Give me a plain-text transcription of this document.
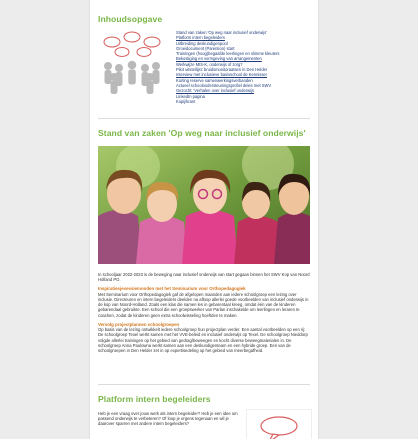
Inhoudsopgave
Stand van zaken 'Op weg naar inclusief onderwijs'
Platform intern begeleiders
Uitbreiding deskundigenpool
Groeidocument (Parention) start
Trainingen (hoog)begaafde leerlingen en slimme kleuters
Bekostiging en vormgeving van arrangementen
Werkwijze MIS-K, onderwijs of zorg?
Pilot uitstellijst: bruidsmonitoraatsen in Den Helder
Interview met inclusieve basisschool de Kennisser
Korting reserve samenwerkingsverbanden
Actueel schoolondersteuningsprofiel deles met SWV
Gezocht: 'Verhalen over inclusief onderwijs
LinkedIn pagina
Kopij/krant
Stand van zaken 'Op weg naar inclusief onderwijs'

In schooljaar 2022-2023 is de beweging naar inclusief onderwijs van start gegaan binnen het SWV Kop van Noord Holland PO.

Inspiratiesjesessiemonden met het Seminarium voor Orthopedagogiek

Met Seminarium voor Orthopedagogiek gaf de afgelopen maanden aan iedere schoolgroep een lezing over inclusie. Directeuren en intern begeleiders deelden na afloop allerlei goede voorbeelden van inclusief onderwijs in de kop van Noord-Holland. Zoals een klas die samen les in gebarentaal kreeg, omdat één van de kinderen gebarendaal gebruikte. Een school die een groepswerker van Parlan inschakelde om leerlingen en leraren te coachen, zodat de kinderen geen extra schoolwisseling hoeftden te maken.

Vervolg projectplannen schoolgroepen

Op basis van de lezing ontwikkelt iedere schoolgroep hun projectplan verder. Een aantal voorbeelden op een rij: De schoolgroep Texel werkt samen met het VVE-beleid en inclusief onderwijs op Texel. De schoolgroep Nieddorp volgde allerlei trainingen op het gebied van gedrag/beweegen en kocht diverse beweegmaterialen in. De schoolgroep Anna Paulowna werkt samen aan een deskundigenteam en een hybride groep. Een van de schoolgroepen in Den Helder zet in op expertisedeling op het gebied van meerbegafheid.

Platform intern begeleiders

Heb je een vraag over jouw werk als intern begeleider? Heb je een idee om passend onderwijs te verbeteren? Of loop je ergens tegenaan en wil je daarover sparren met andere intern begeleiders?
